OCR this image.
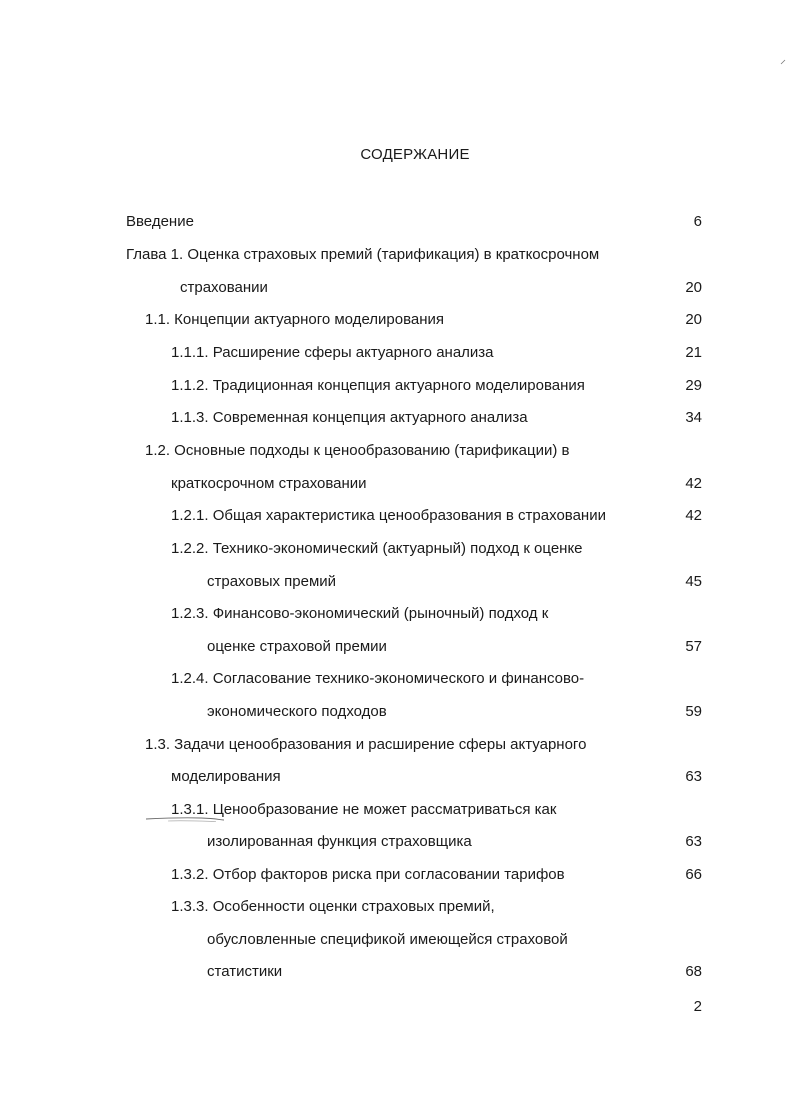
СОДЕРЖАНИЕ
Введение	6
Глава 1. Оценка страховых премий (тарификация) в краткосрочном
страховании	20
1.1. Концепции актуарного моделирования	20
1.1.1. Расширение сферы актуарного анализа	21
1.1.2. Традиционная концепция актуарного моделирования	29
1.1.3. Современная концепция актуарного анализа	34
1.2. Основные подходы к ценообразованию (тарификации) в
краткосрочном страховании	42
1.2.1. Общая характеристика ценообразования в страховании	42
1.2.2. Технико-экономический (актуарный) подход к оценке
страховых премий	45
1.2.3. Финансово-экономический (рыночный) подход к
оценке страховой премии	57
1.2.4. Согласование технико-экономического и финансово-
экономического подходов	59
1.3. Задачи ценообразования и расширение сферы актуарного
моделирования	63
1.3.1. Ценообразование не может рассматриваться как
изолированная функция страховщика	63
1.3.2. Отбор факторов риска при согласовании тарифов	66
1.3.3. Особенности оценки страховых премий,
обусловленные спецификой имеющейся страховой
статистики	68
2
